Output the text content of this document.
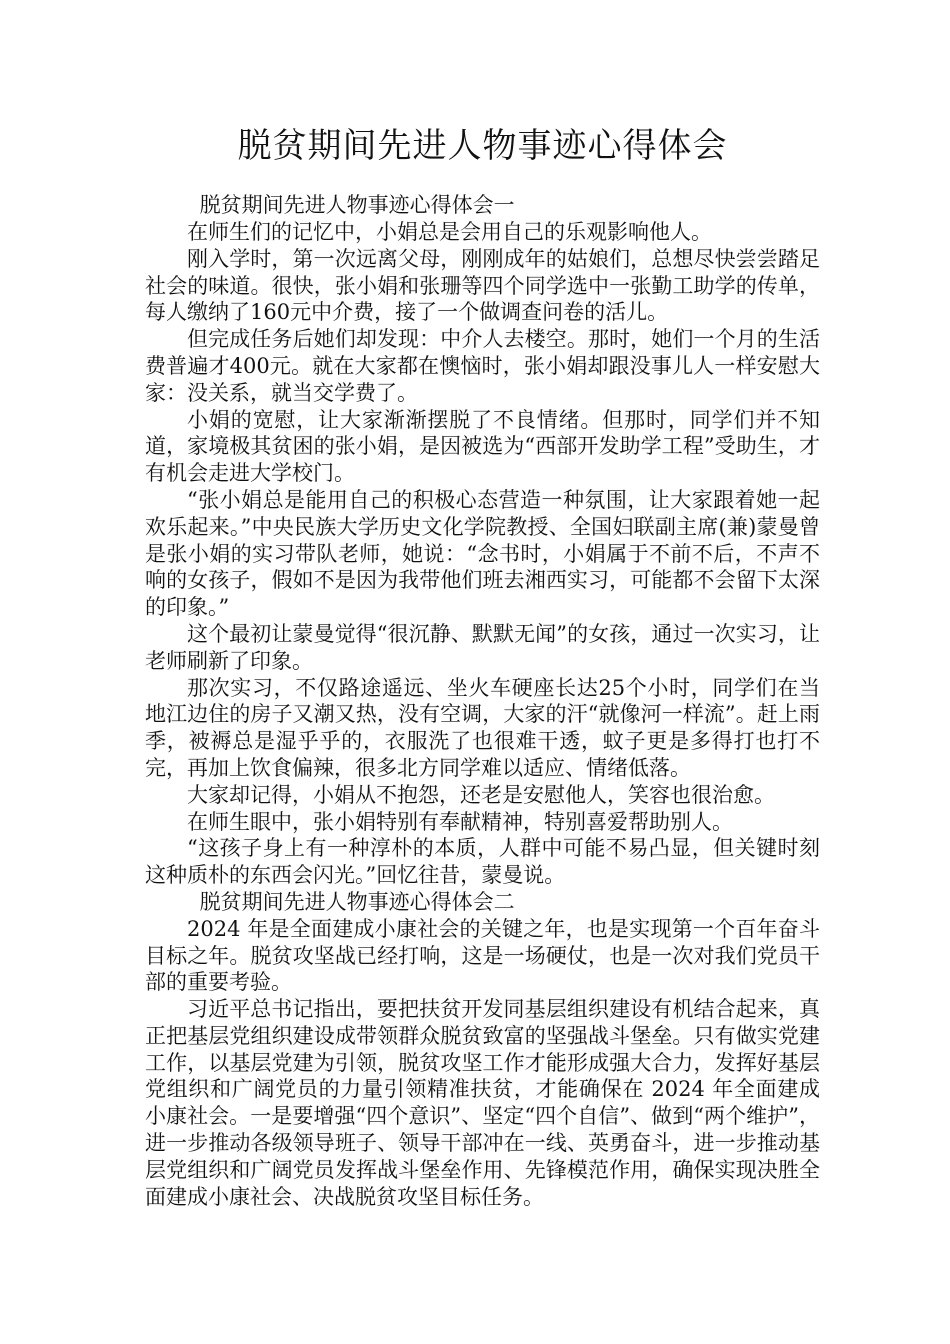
脱贫期间先进人物事迹心得体会

脱贫期间先进人物事迹心得体会一

在师生们的记忆中，小娟总是会用自己的乐观影响他人。

刚入学时，第一次远离父母，刚刚成年的姑娘们，总想尽快尝尝踏足社会的味道。很快，张小娟和张珊等四个同学选中一张勤工助学的传单，每人缴纳了160元中介费，接了一个做调查问卷的活儿。

但完成任务后她们却发现：中介人去楼空。那时，她们一个月的生活费普遍才400元。就在大家都在懊恼时，张小娟却跟没事儿人一样安慰大家：没关系，就当交学费了。

小娟的宽慰，让大家渐渐摆脱了不良情绪。但那时，同学们并不知道，家境极其贫困的张小娟，是因被选为“西部开发助学工程”受助生，才有机会走进大学校门。

“张小娟总是能用自己的积极心态营造一种氛围，让大家跟着她一起欢乐起来。”中央民族大学历史文化学院教授、全国妇联副主席(兼)蒙曼曾是张小娟的实习带队老师，她说：“念书时，小娟属于不前不后，不声不响的女孩子，假如不是因为我带他们班去湘西实习，可能都不会留下太深的印象。”

这个最初让蒙曼觉得“很沉静、默默无闻”的女孩，通过一次实习，让老师刷新了印象。

那次实习，不仅路途遥远、坐火车硬座长达25个小时，同学们在当地江边住的房子又潮又热，没有空调，大家的汗“就像河一样流”。赶上雨季，被褥总是湿乎乎的，衣服洗了也很难干透，蚊子更是多得打也打不完，再加上饮食偏辣，很多北方同学难以适应、情绪低落。

大家却记得，小娟从不抱怨，还老是安慰他人，笑容也很治愈。

在师生眼中，张小娟特别有奉献精神，特别喜爱帮助别人。

“这孩子身上有一种淳朴的本质，人群中可能不易凸显，但关键时刻这种质朴的东西会闪光。”回忆往昔，蒙曼说。

脱贫期间先进人物事迹心得体会二

2024 年是全面建成小康社会的关键之年，也是实现第一个百年奋斗目标之年。脱贫攻坚战已经打响，这是一场硬仗，也是一次对我们党员干部的重要考验。

习近平总书记指出，要把扶贫开发同基层组织建设有机结合起来，真正把基层党组织建设成带领群众脱贫致富的坚强战斗堡垒。只有做实党建工作，以基层党建为引领，脱贫攻坚工作才能形成强大合力，发挥好基层党组织和广阔党员的力量引领精准扶贫，才能确保在 2024 年全面建成小康社会。一是要增强“四个意识”、坚定“四个自信”、做到“两个维护”，进一步推动各级领导班子、领导干部冲在一线、英勇奋斗，进一步推动基层党组织和广阔党员发挥战斗堡垒作用、先锋模范作用，确保实现决胜全面建成小康社会、决战脱贫攻坚目标任务。
